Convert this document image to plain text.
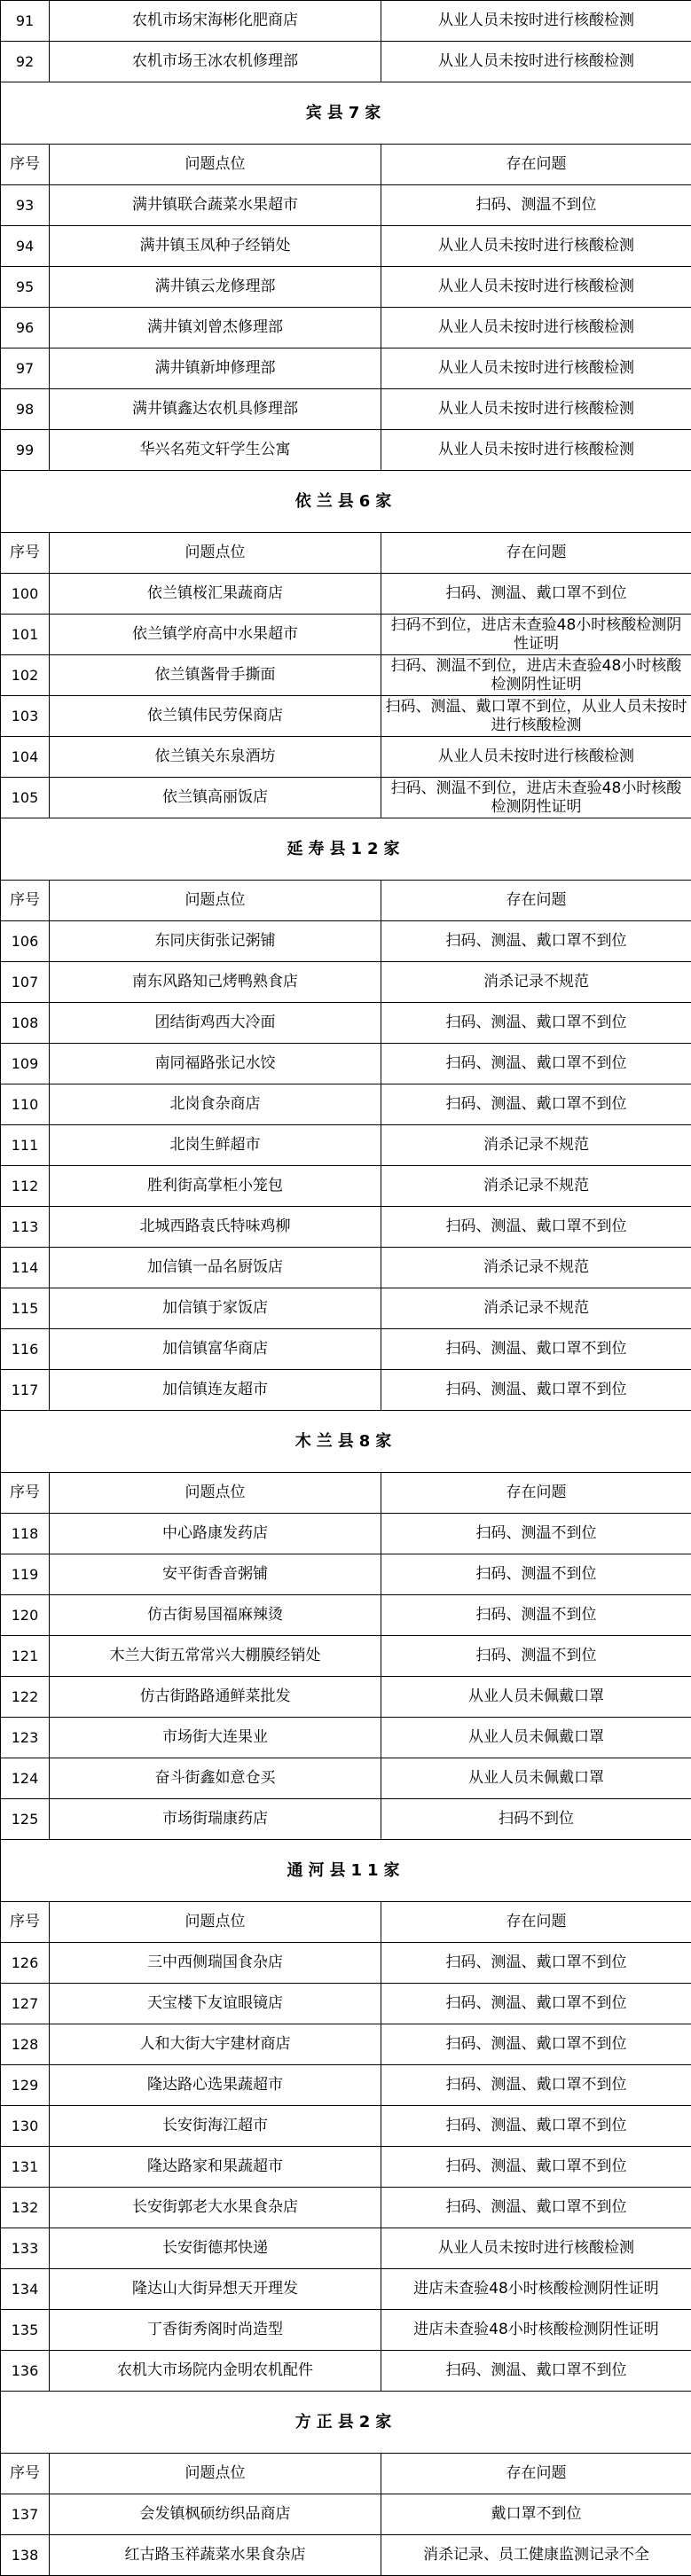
91	农机市场宋海彬化肥商店	从业人员未按时进行核酸检测
92	农机市场王冰农机修理部	从业人员未按时进行核酸检测
宾县7家		
序号	问题点位	存在问题
93	满井镇联合蔬菜水果超市	扫码、测温不到位
94	满井镇玉凤种子经销处	从业人员未按时进行核酸检测
95	满井镇云龙修理部	从业人员未按时进行核酸检测
96	满井镇刘曾杰修理部	从业人员未按时进行核酸检测
97	满井镇新坤修理部	从业人员未按时进行核酸检测
98	满井镇鑫达农机具修理部	从业人员未按时进行核酸检测
99	华兴名苑文轩学生公寓	从业人员未按时进行核酸检测
依兰县6家		
序号	问题点位	存在问题
100	依兰镇桜汇果蔬商店	扫码、测温、戴口罩不到位
101	依兰镇学府高中水果超市	扫码不到位，进店未查验48小时核酸检测阴性证明
102	依兰镇酱骨手撕面	扫码、测温不到位，进店未查验48小时核酸检测阴性证明
103	依兰镇伟民劳保商店	扫码、测温、戴口罩不到位，从业人员未按时进行核酸检测
104	依兰镇关东泉酒坊	从业人员未按时进行核酸检测
105	依兰镇高丽饭店	扫码、测温不到位，进店未查验48小时核酸检测阴性证明
延寿县12家		
序号	问题点位	存在问题
106	东同庆街张记粥铺	扫码、测温、戴口罩不到位
107	南东风路知己烤鸭熟食店	消杀记录不规范
108	团结街鸡西大冷面	扫码、测温、戴口罩不到位
109	南同福路张记水饺	扫码、测温、戴口罩不到位
110	北岗食杂商店	扫码、测温、戴口罩不到位
111	北岗生鲜超市	消杀记录不规范
112	胜利街高掌柜小笼包	消杀记录不规范
113	北城西路袁氏特味鸡柳	扫码、测温、戴口罩不到位
114	加信镇一品名厨饭店	消杀记录不规范
115	加信镇于家饭店	消杀记录不规范
116	加信镇富华商店	扫码、测温、戴口罩不到位
117	加信镇连友超市	扫码、测温、戴口罩不到位
木兰县8家		
序号	问题点位	存在问题
118	中心路康发药店	扫码、测温不到位
119	安平街香音粥铺	扫码、测温不到位
120	仿古街易国福麻辣烫	扫码、测温不到位
121	木兰大街五常常兴大棚膜经销处	扫码、测温不到位
122	仿古街路路通鲜菜批发	从业人员未佩戴口罩
123	市场街大连果业	从业人员未佩戴口罩
124	奋斗街鑫如意仓买	从业人员未佩戴口罩
125	市场街瑞康药店	扫码不到位
通河县11家		
序号	问题点位	存在问题
126	三中西侧瑞国食杂店	扫码、测温、戴口罩不到位
127	天宝楼下友谊眼镜店	扫码、测温、戴口罩不到位
128	人和大街大宇建材商店	扫码、测温、戴口罩不到位
129	隆达路心选果蔬超市	扫码、测温、戴口罩不到位
130	长安街海江超市	扫码、测温、戴口罩不到位
131	隆达路家和果蔬超市	扫码、测温、戴口罩不到位
132	长安街郭老大水果食杂店	扫码、测温、戴口罩不到位
133	长安街德邦快递	从业人员未按时进行核酸检测
134	隆达山大街异想天开理发	进店未查验48小时核酸检测阴性证明
135	丁香街秀阁时尚造型	进店未查验48小时核酸检测阴性证明
136	农机大市场院内金明农机配件	扫码、测温、戴口罩不到位
方正县2家		
序号	问题点位	存在问题
137	会发镇枫硕纺织品商店	戴口罩不到位
138	红古路玉祥蔬菜水果食杂店	消杀记录、员工健康监测记录不全
